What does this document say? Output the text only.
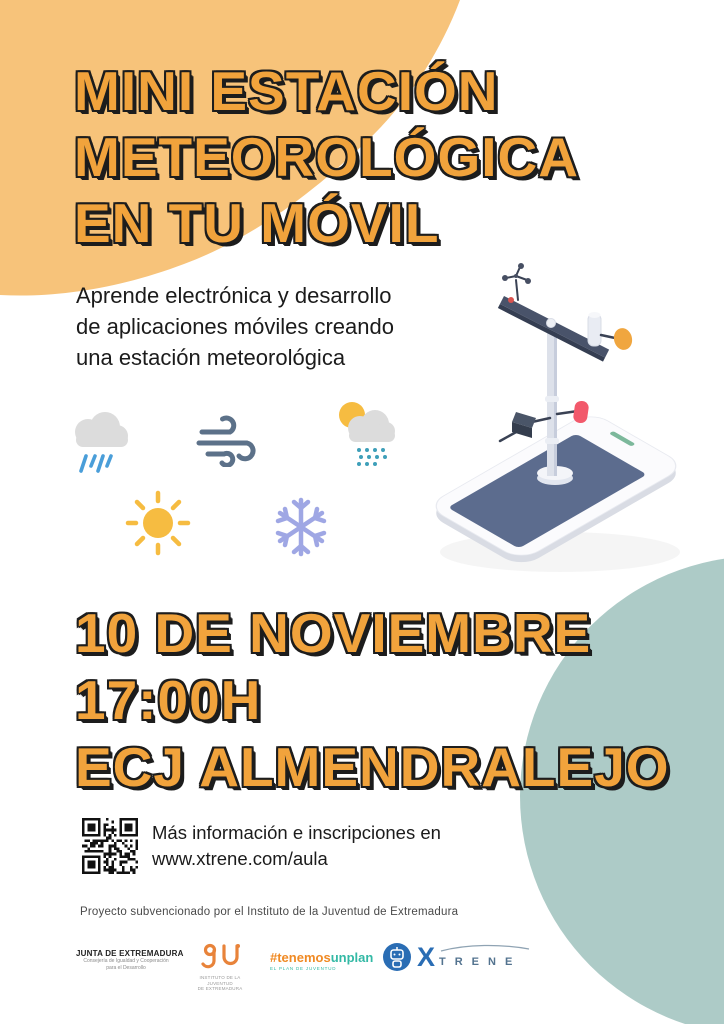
MINI ESTACIÓN
METEOROLÓGICA
EN TU MÓVIL
Aprende electrónica y desarrollo
de aplicaciones móviles creando
una estación meteorológica
10 DE NOVIEMBRE
17:00H
ECJ ALMENDRALEJO
Más información e inscripciones en
www.xtrene.com/aula
Proyecto subvencionado por el Instituto de la Juventud de Extremadura
JUNTA DE EXTREMADURA
Consejería de Igualdad y Cooperación
para el Desarrollo
INSTITUTO DE LA JUVENTUD
DE EXTREMADURA
#tenemosunplan
EL PLAN DE JUVENTUD	X TRENE
